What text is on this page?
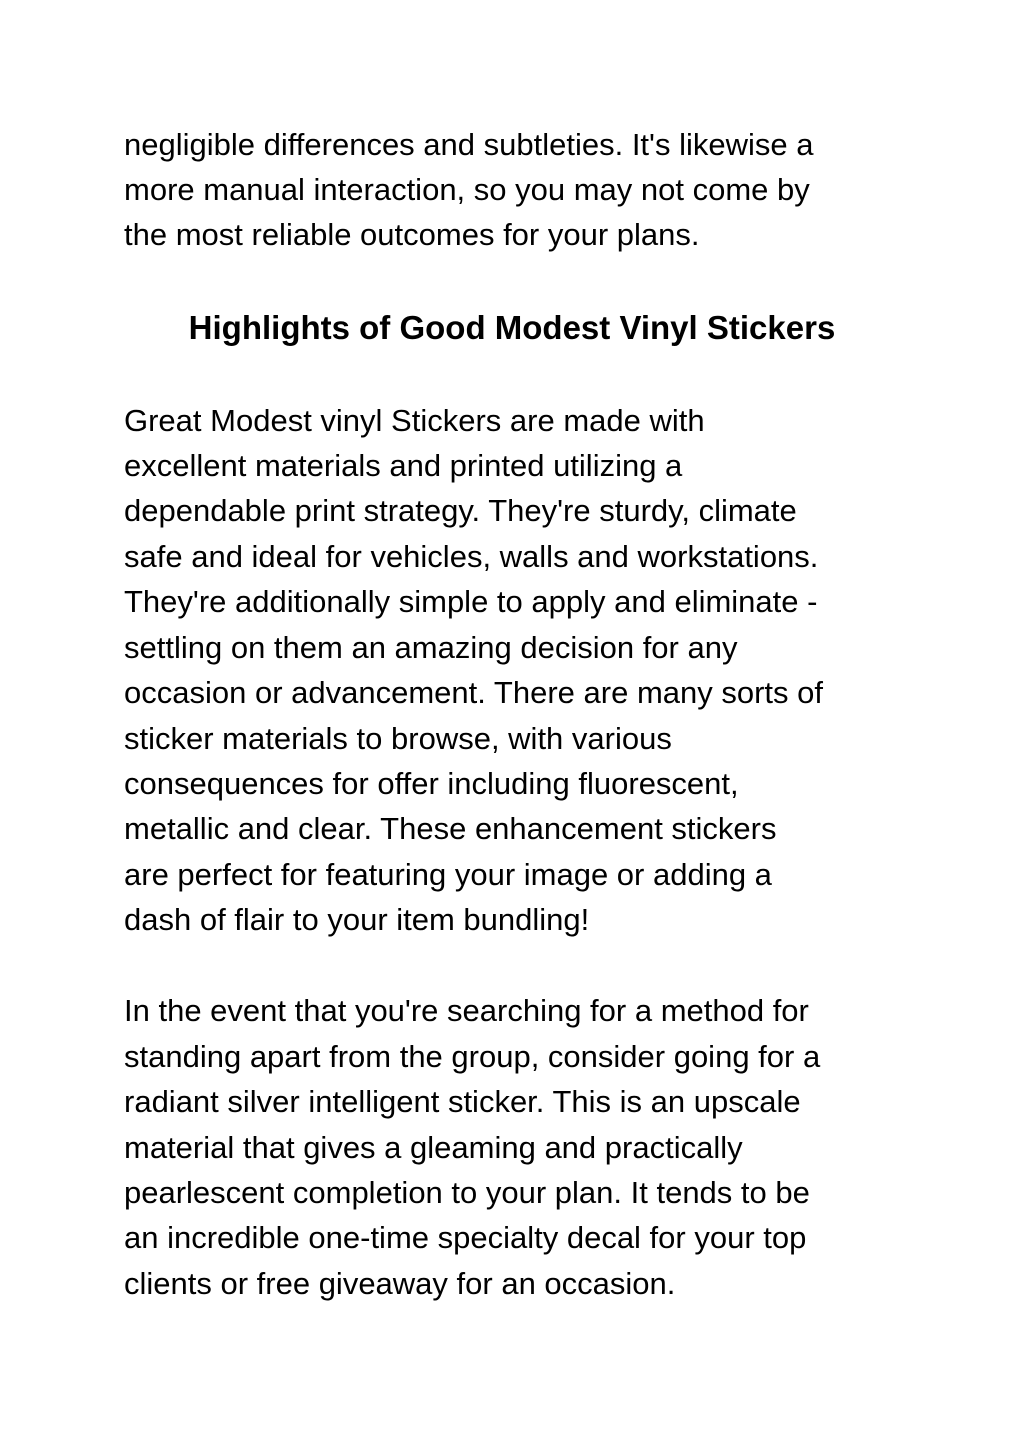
negligible differences and subtleties. It's likewise a

more manual interaction, so you may not come by

the most reliable outcomes for your plans.

Highlights of Good Modest Vinyl Stickers

Great Modest vinyl Stickers are made with

excellent materials and printed utilizing a

dependable print strategy. They're sturdy, climate

safe and ideal for vehicles, walls and workstations.

They're additionally simple to apply and eliminate -

settling on them an amazing decision for any

occasion or advancement. There are many sorts of

sticker materials to browse, with various

consequences for offer including fluorescent,

metallic and clear. These enhancement stickers

are perfect for featuring your image or adding a

dash of flair to your item bundling!

In the event that you're searching for a method for

standing apart from the group, consider going for a

radiant silver intelligent sticker. This is an upscale

material that gives a gleaming and practically

pearlescent completion to your plan. It tends to be

an incredible one-time specialty decal for your top

clients or free giveaway for an occasion.
